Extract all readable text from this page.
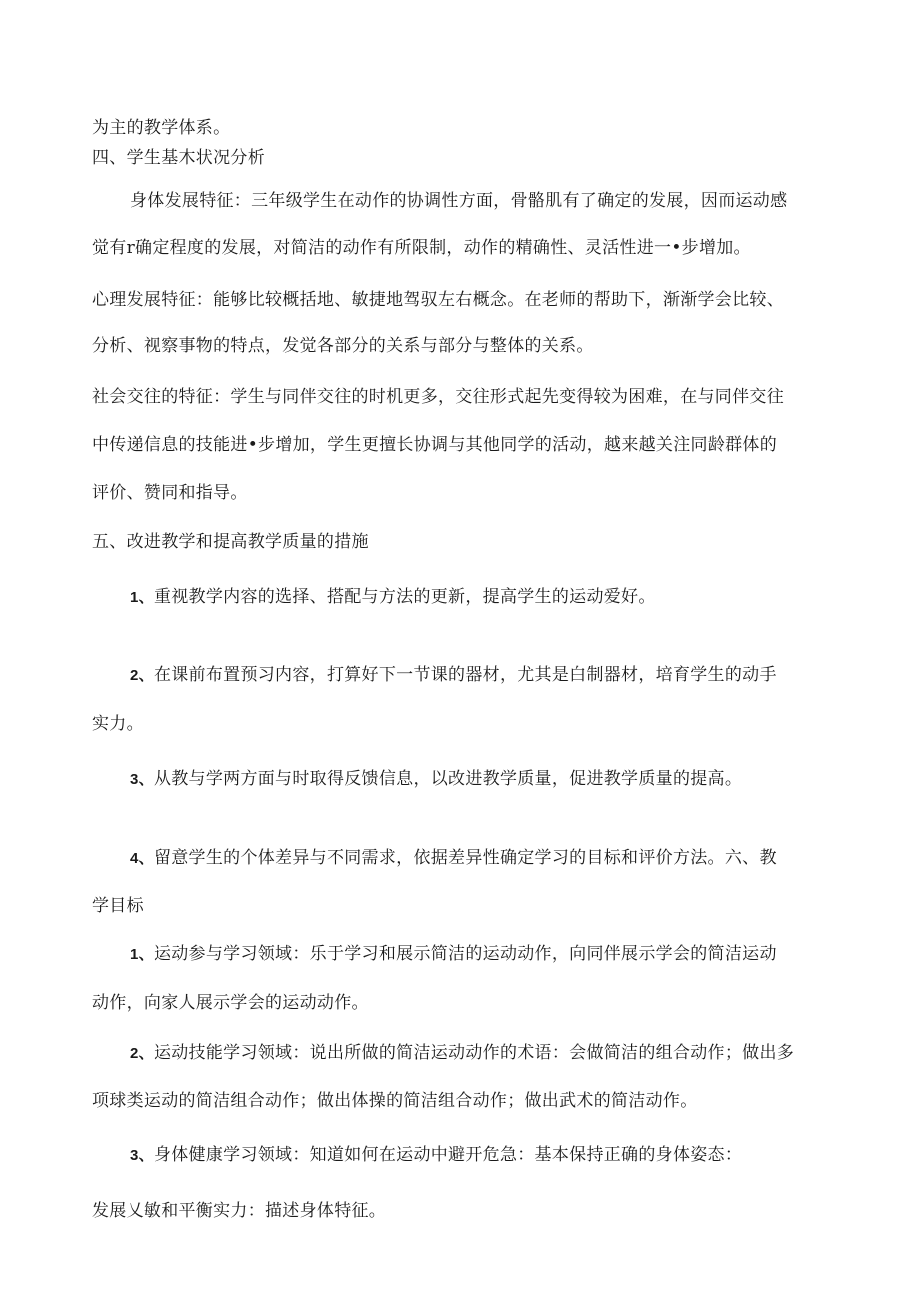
为主的教学体系。
四、学生基木状况分析
身体发展特征：三年级学生在动作的协调性方面，骨骼肌有了确定的发展，因而运动感
觉有r确定程度的发展，对简洁的动作有所限制，动作的精确性、灵活性进一•步增加。
心理发展特征：能够比较概括地、敏捷地驾驭左右概念。在老师的帮助下，渐渐学会比较、
分析、视察事物的特点，发觉各部分的关系与部分与整体的关系。
社会交往的特征：学生与同伴交往的时机更多，交往形式起先变得较为困难，在与同伴交往
中传递信息的技能进•步增加，学生更擅长协调与其他同学的活动，越来越关注同龄群体的
评价、赞同和指导。
五、改进教学和提高教学质量的措施
1、重视教学内容的选择、搭配与方法的更新，提高学生的运动爱好。
2、在课前布置预习内容，打算好下一节课的器材，尤其是白制器材，培育学生的动手
实力。
3、从教与学两方面与时取得反馈信息，以改进教学质量，促进教学质量的提高。
4、留意学生的个体差异与不同需求，依据差异性确定学习的目标和评价方法。六、教
学目标
1、运动参与学习领域：乐于学习和展示简洁的运动动作，向同伴展示学会的简洁运动
动作，向家人展示学会的运动动作。
2、运动技能学习领域：说出所做的简洁运动动作的术语：会做简洁的组合动作；做出多
项球类运动的简洁组合动作；做出体操的简洁组合动作；做出武术的简洁动作。
3、身体健康学习领域：知道如何在运动中避开危急：基本保持正确的身体姿态：
发展乂敏和平衡实力：描述身体特征。
